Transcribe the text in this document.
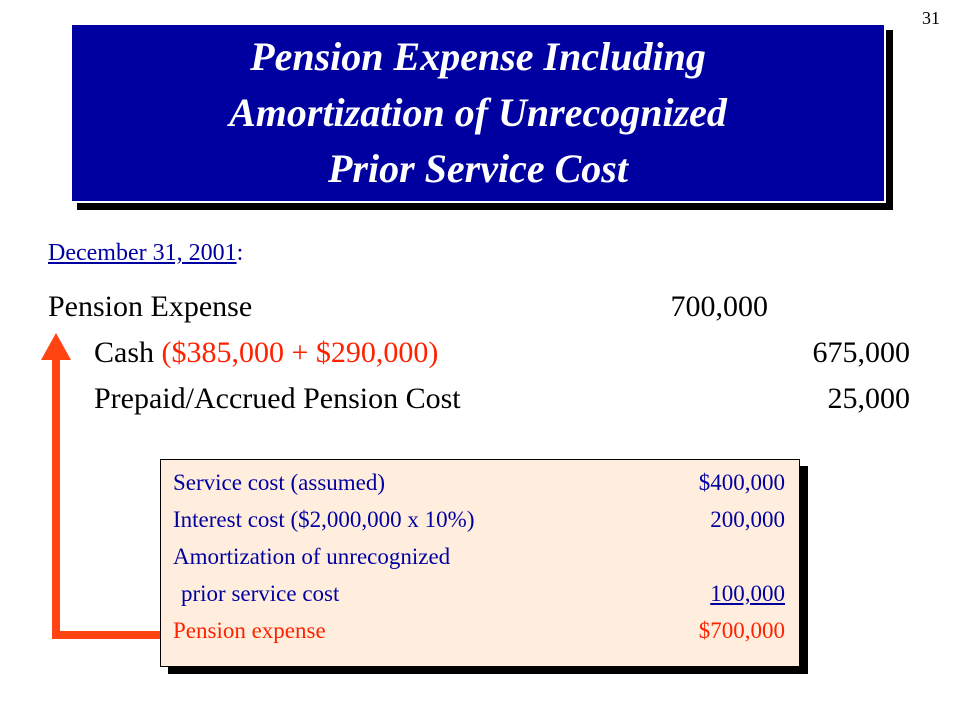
31
Pension Expense Including
Amortization of Unrecognized
Prior Service Cost
December 31, 2001:
Pension Expense	700,000
Cash ($385,000 + $290,000)	675,000
Prepaid/Accrued Pension Cost	25,000
Service cost (assumed)	$400,000
Interest cost ($2,000,000 x 10%)	200,000
Amortization of unrecognized
prior service cost	100,000
Pension expense	$700,000
